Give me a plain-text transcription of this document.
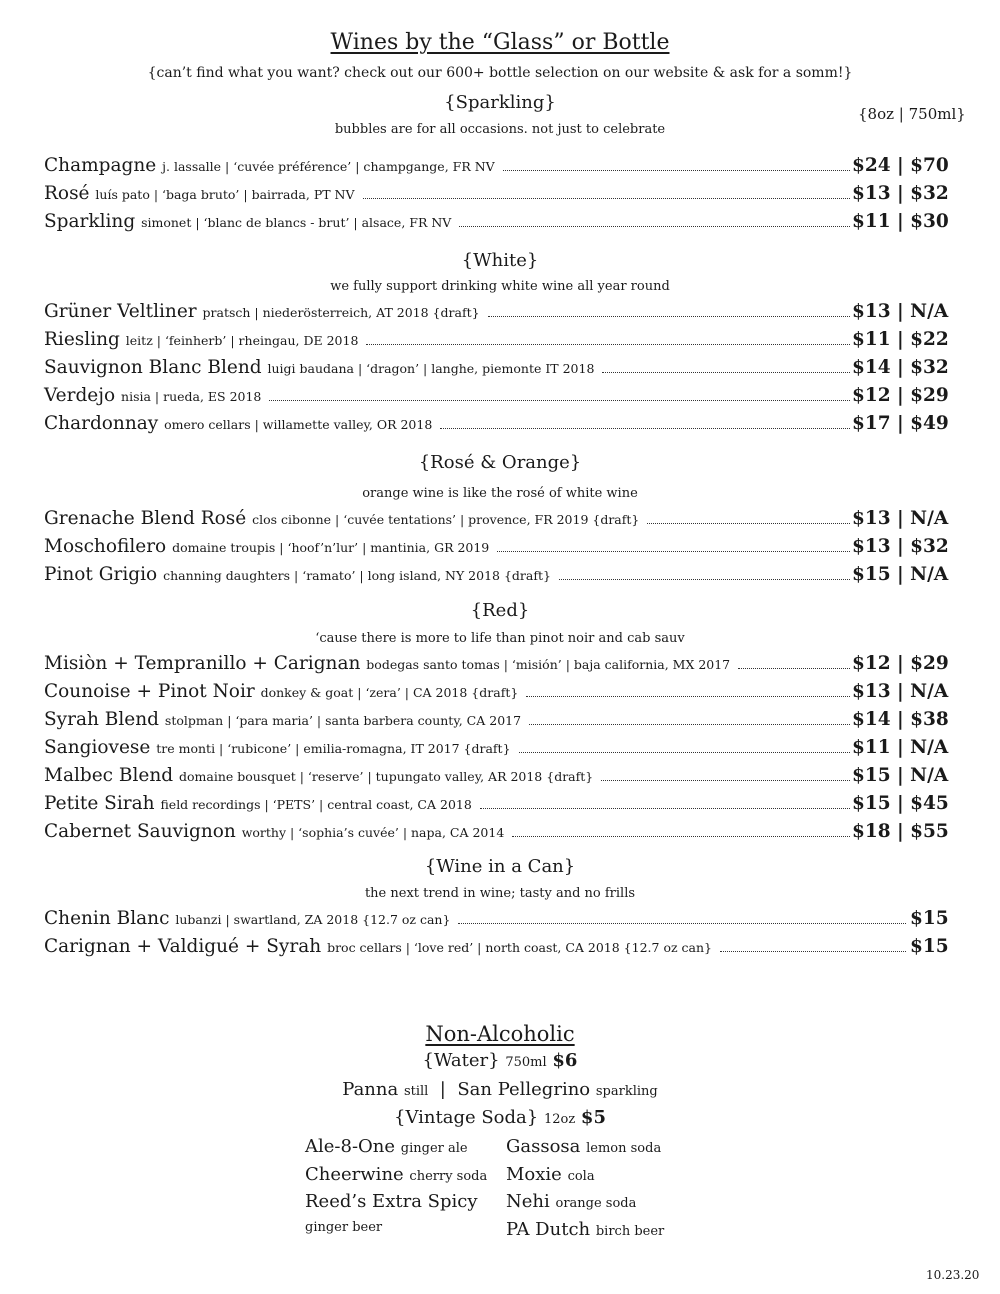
Wines by the “Glass” or Bottle
{can’t find what you want? check out our 600+ bottle selection on our website & ask for a somm!}
{8oz | 750ml}
{Sparkling}
bubbles are for all occasions. not just to celebrate
Champagne j. lassalle | ‘cuvée préférence’ | champgange, FR NV	$24 | $70
Rosé luís pato | ‘baga bruto’ | bairrada, PT NV	$13 | $32
Sparkling simonet | ‘blanc de blancs - brut’ | alsace, FR NV	$11 | $30
{White}
we fully support drinking white wine all year round
Grüner Veltliner pratsch | niederösterreich, AT 2018 {draft}	$13 | N/A
Riesling leitz | ‘feinherb’ | rheingau, DE 2018	$11 | $22
Sauvignon Blanc Blend luigi baudana | ‘dragon’ | langhe, piemonte IT 2018	$14 | $32
Verdejo nisia | rueda, ES 2018	$12 | $29
Chardonnay omero cellars | willamette valley, OR 2018	$17 | $49
{Rosé & Orange}
orange wine is like the rosé of white wine
Grenache Blend Rosé clos cibonne | ‘cuvée tentations’ | provence, FR 2019 {draft}	$13 | N/A
Moschofilero domaine troupis | ‘hoof’n’lur’ | mantinia, GR 2019	$13 | $32
Pinot Grigio channing daughters | ‘ramato’ | long island, NY 2018 {draft}	$15 | N/A
{Red}
‘cause there is more to life than pinot noir and cab sauv
Misiòn + Tempranillo + Carignan bodegas santo tomas | ‘misión’ | baja california, MX 2017	$12 | $29
Counoise + Pinot Noir donkey & goat | ‘zera’ | CA 2018 {draft}	$13 | N/A
Syrah Blend stolpman | ‘para maria’ | santa barbera county, CA 2017	$14 | $38
Sangiovese tre monti | ‘rubicone’ | emilia-romagna, IT 2017 {draft}	$11 | N/A
Malbec Blend domaine bousquet | ‘reserve’ | tupungato valley, AR 2018 {draft}	$15 | N/A
Petite Sirah field recordings | ‘PETS’ | central coast, CA 2018	$15 | $45
Cabernet Sauvignon worthy | ‘sophia’s cuvée’ | napa, CA 2014	$18 | $55
{Wine in a Can}
the next trend in wine; tasty and no frills
Chenin Blanc lubanzi | swartland, ZA 2018 {12.7 oz can}	$15
Carignan + Valdigué + Syrah broc cellars | ‘love red’ | north coast, CA 2018 {12.7 oz can}	$15
Non-Alcoholic
{Water} 750ml $6
Panna still | San Pellegrino sparkling
{Vintage Soda} 12oz $5
Ale-8-One ginger ale Gassosa lemon soda
Cheerwine cherry soda Moxie cola
Reed’s Extra Spicy
ginger beer
Nehi orange soda
PA Dutch birch beer
10.23.20
